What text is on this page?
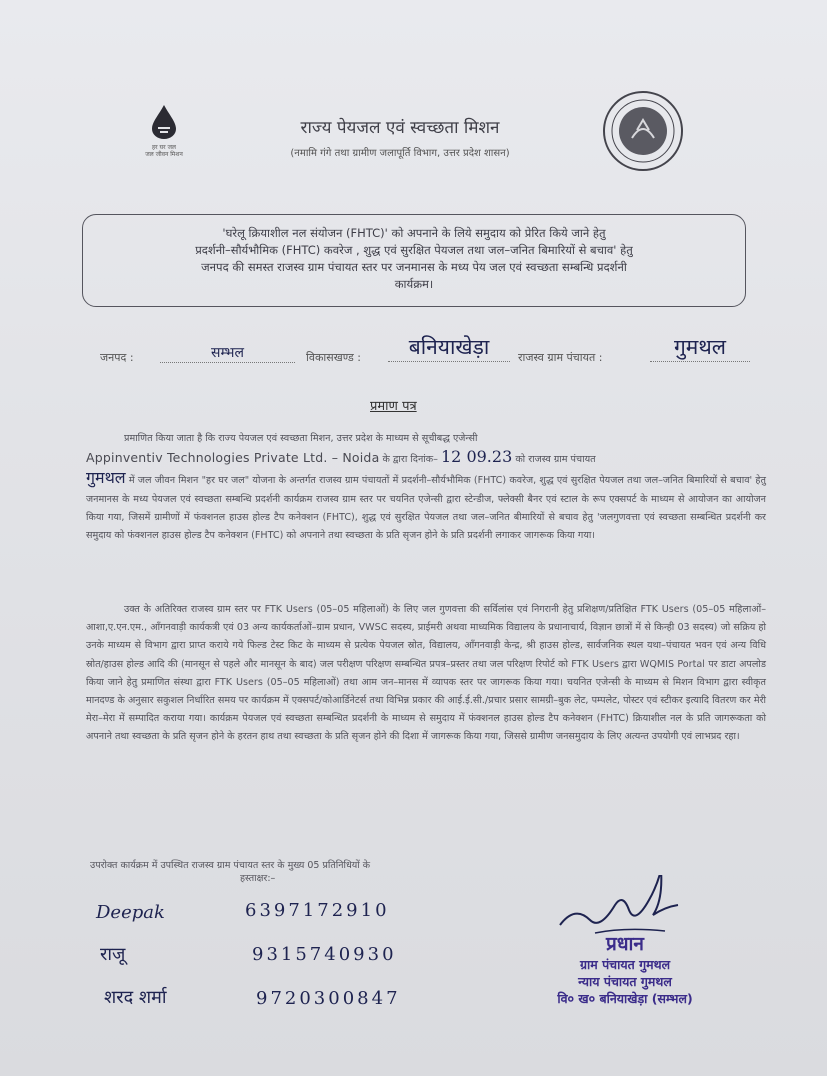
हर घर जल
जल जीवन मिशन
राज्य पेयजल एवं स्वच्छता मिशन
(नमामि गंगे तथा ग्रामीण जलापूर्ति विभाग, उत्तर प्रदेश शासन)
'घरेलू क्रियाशील नल संयोजन (FHTC)' को अपनाने के लिये समुदाय को प्रेरित किये जाने हेतु
प्रदर्शनी–सौर्यभौमिक (FHTC) कवरेज , शुद्ध एवं सुरक्षित पेयजल तथा जल–जनित बिमारियों से बचाव' हेतु
जनपद की समस्त राजस्व ग्राम पंचायत स्तर पर जनमानस के मध्य पेय जल एवं स्वच्छता सम्बन्धि प्रदर्शनी
कार्यक्रम।
जनपद :	सम्भल	विकासखण्ड :	बनियाखेड़ा	राजस्व ग्राम पंचायत :	गुमथल
प्रमाण पत्र
प्रमाणित किया जाता है कि राज्य पेयजल एवं स्वच्छता मिशन, उत्तर प्रदेश के माध्यम से सूचीबद्ध एजेन्सी
Appinventiv Technologies Private Ltd. – Noida के द्वारा दिनांक– 12 09.23 को राजस्व ग्राम पंचायत
गुमथल में जल जीवन मिशन "हर घर जल" योजना के अन्तर्गत राजस्व ग्राम पंचायतों में प्रदर्शनी–सौर्यभौमिक (FHTC) कवरेज, शुद्ध एवं सुरक्षित पेयजल तथा जल–जनित बिमारियों से बचाव' हेतु जनमानस के मध्य पेयजल एवं स्वच्छता सम्बन्धि प्रदर्शनी कार्यक्रम राजस्व ग्राम स्तर पर चयनित एजेन्सी द्वारा स्टेन्डीज, फ्लेक्सी बैनर एवं स्टाल के रूप एक्सपर्ट के माध्यम से आयोजन का आयोजन किया गया, जिसमें ग्रामीणों में फंक्शनल हाउस होल्ड टैप कनेक्शन (FHTC), शुद्ध एवं सुरक्षित पेयजल तथा जल–जनित बीमारियों से बचाव हेतु 'जलगुणवत्ता एवं स्वच्छता सम्बन्धित प्रदर्शनी कर समुदाय को फंक्शनल हाउस होल्ड टैप कनेक्शन (FHTC) को अपनाने तथा स्वच्छता के प्रति सृजन होने के प्रति प्रदर्शनी लगाकर जागरूक किया गया।
उक्त के अतिरिक्त राजस्व ग्राम स्तर पर FTK Users (05–05 महिलाओं) के लिए जल गुणवत्ता की सर्विलांस एवं निगरानी हेतु प्रशिक्षण/प्रतिक्षित FTK Users (05–05 महिलाओं–आशा,ए.एन.एम., आँगनवाड़ी कार्यकत्री एवं 03 अन्य कार्यकर्ताओं–ग्राम प्रधान, VWSC सदस्य, प्राईमरी अथवा माध्यमिक विद्यालय के प्रधानाचार्य, विज्ञान छात्रों में से किन्ही 03 सदस्य) जो सक्रिय हो उनके माध्यम से विभाग द्वारा प्राप्त कराये गये फिल्ड टेस्ट किट के माध्यम से प्रत्येक पेयजल स्रोत, विद्यालय, आँगनवाड़ी केन्द्र, श्री हाउस होल्ड, सार्वजनिक स्थल यथा–पंचायत भवन एवं अन्य विधि स्रोत/हाउस होल्ड आदि की (मानसून से पहले और मानसून के बाद) जल परीक्षण परिक्षण सम्बन्धित प्रपत्र–प्रस्तर तथा जल परिक्षण रिपोर्ट को FTK Users द्वारा WQMIS Portal पर डाटा अपलोड किया जाने हेतु प्रमाणित संस्था द्वारा FTK Users (05–05 महिलाओं) तथा आम जन–मानस में व्यापक स्तर पर जागरूक किया गया। चयनित एजेन्सी के माध्यम से मिशन विभाग द्वारा स्वीकृत मानदण्ड के अनुसार सकुशल निर्धारित समय पर कार्यक्रम में एक्सपर्ट/कोआर्डिनेटर्स तथा विभिन्न प्रकार की आई.ई.सी./प्रचार प्रसार सामग्री–बुक लेट, पम्पलेट, पोस्टर एवं स्टीकर इत्यादि वितरण कर मेरी मेरा–मेरा में सम्पादित कराया गया। कार्यक्रम पेयजल एवं स्वच्छता सम्बन्धित प्रदर्शनी के माध्यम से समुदाय में फंक्शनल हाउस होल्ड टैप कनेक्शन (FHTC) क्रियाशील नल के प्रति जागरूकता को अपनाने तथा स्वच्छता के प्रति सृजन होने के हरतन हाथ तथा स्वच्छता के प्रति सृजन होने की दिशा में जागरूक किया गया, जिससे ग्रामीण जनसमुदाय के लिए अत्यन्त उपयोगी एवं लाभप्रद रहा।
उपरोक्त कार्यक्रम में उपस्थित राजस्व ग्राम पंचायत स्तर के मुख्य 05 प्रतिनिधियों के
हस्ताक्षर:–
Deepak	6397172910
राजू	9315740930
शरद शर्मा	9720300847
प्रधान
ग्राम पंचायत गुमथल
न्याय पंचायत गुमथल
वि० ख० बनियाखेड़ा (सम्भल)
